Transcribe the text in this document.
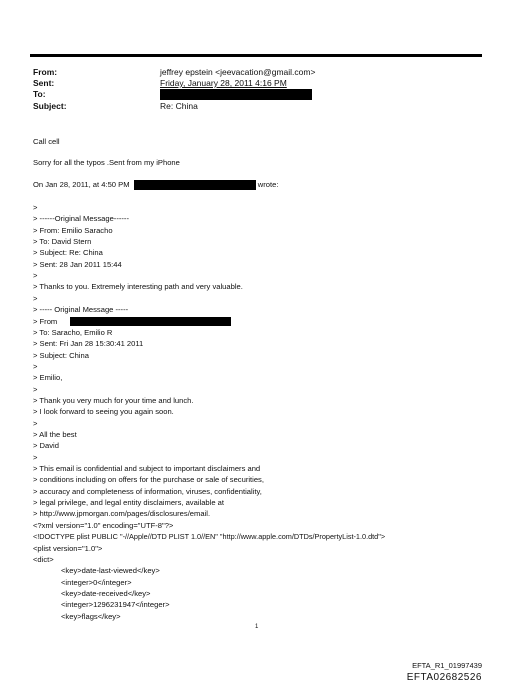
From:	jeffrey epstein <jeevacation@gmail.com>
Sent:	Friday, January 28, 2011 4:16 PM
To:
Subject:	Re: China
Call cell
Sorry for all the typos .Sent from my iPhone
On Jan 28, 2011, at 4:50 PM	wrote:
>
> ------Original Message------
> From: Emilio Saracho
> To: David Stern
> Subject: Re: China
> Sent: 28 Jan 2011 15:44
>
> Thanks to you. Extremely interesting path and very valuable.
>
> ----- Original Message -----
> From
> To: Saracho, Emilio R
> Sent: Fri Jan 28 15:30:41 2011
> Subject: China
>
> Emilio,
>
> Thank you very much for your time and lunch.
> I look forward to seeing you again soon.
>
> All the best
> David
>
> This email is confidential and subject to important disclaimers and
> conditions including on offers for the purchase or sale of securities,
> accuracy and completeness of information, viruses, confidentiality,
> legal privilege, and legal entity disclaimers, available at
> http://www.jpmorgan.com/pages/disclosures/email.
<?xml version="1.0" encoding="UTF-8"?>
<!DOCTYPE plist PUBLIC "-//Apple//DTD PLIST 1.0//EN" "http://www.apple.com/DTDs/PropertyList-1.0.dtd">
<plist version="1.0">
<dict>
<key>date-last-viewed</key>
<integer>0</integer>
<key>date-received</key>
<integer>1296231947</integer>
<key>flags</key>
1
EFTA_R1_01997439
EFTA02682526
